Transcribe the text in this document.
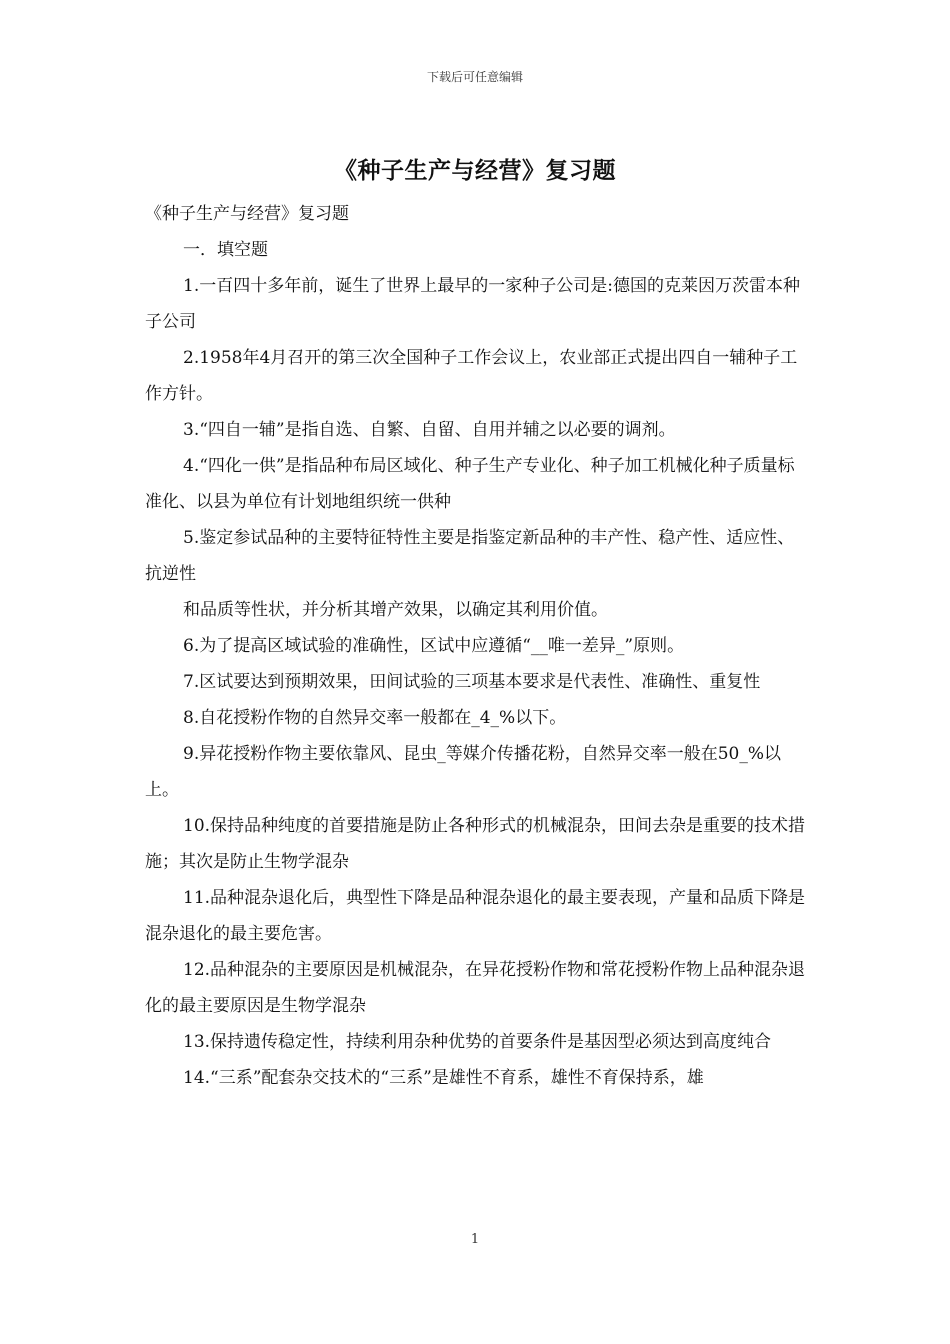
下载后可任意编辑
《种子生产与经营》复习题

《种子生产与经营》复习题

一．填空题

1.一百四十多年前，诞生了世界上最早的一家种子公司是:德国的克莱因万茨雷本种子公司

2.1958年4月召开的第三次全国种子工作会议上，农业部正式提出四自一辅种子工作方针。

3.“四自一辅”是指自选、自繁、自留、自用并辅之以必要的调剂。

4.“四化一供”是指品种布局区域化、种子生产专业化、种子加工机械化种子质量标准化、以县为单位有计划地组织统一供种

5.鉴定参试品种的主要特征特性主要是指鉴定新品种的丰产性、稳产性、适应性、抗逆性

和品质等性状，并分析其增产效果，以确定其利用价值。

6.为了提高区域试验的准确性，区试中应遵循“__唯一差异_”原则。

7.区试要达到预期效果，田间试验的三项基本要求是代表性、准确性、重复性

8.自花授粉作物的自然异交率一般都在_4_%以下。

9.异花授粉作物主要依靠风、昆虫_等媒介传播花粉，自然异交率一般在50_%以上。

10.保持品种纯度的首要措施是防止各种形式的机械混杂，田间去杂是重要的技术措施；其次是防止生物学混杂

11.品种混杂退化后，典型性下降是品种混杂退化的最主要表现，产量和品质下降是混杂退化的最主要危害。

12.品种混杂的主要原因是机械混杂，在异花授粉作物和常花授粉作物上品种混杂退化的最主要原因是生物学混杂

13.保持遗传稳定性，持续利用杂种优势的首要条件是基因型必须达到高度纯合

14.“三系”配套杂交技术的“三系”是雄性不育系，雄性不育保持系，雄

1
